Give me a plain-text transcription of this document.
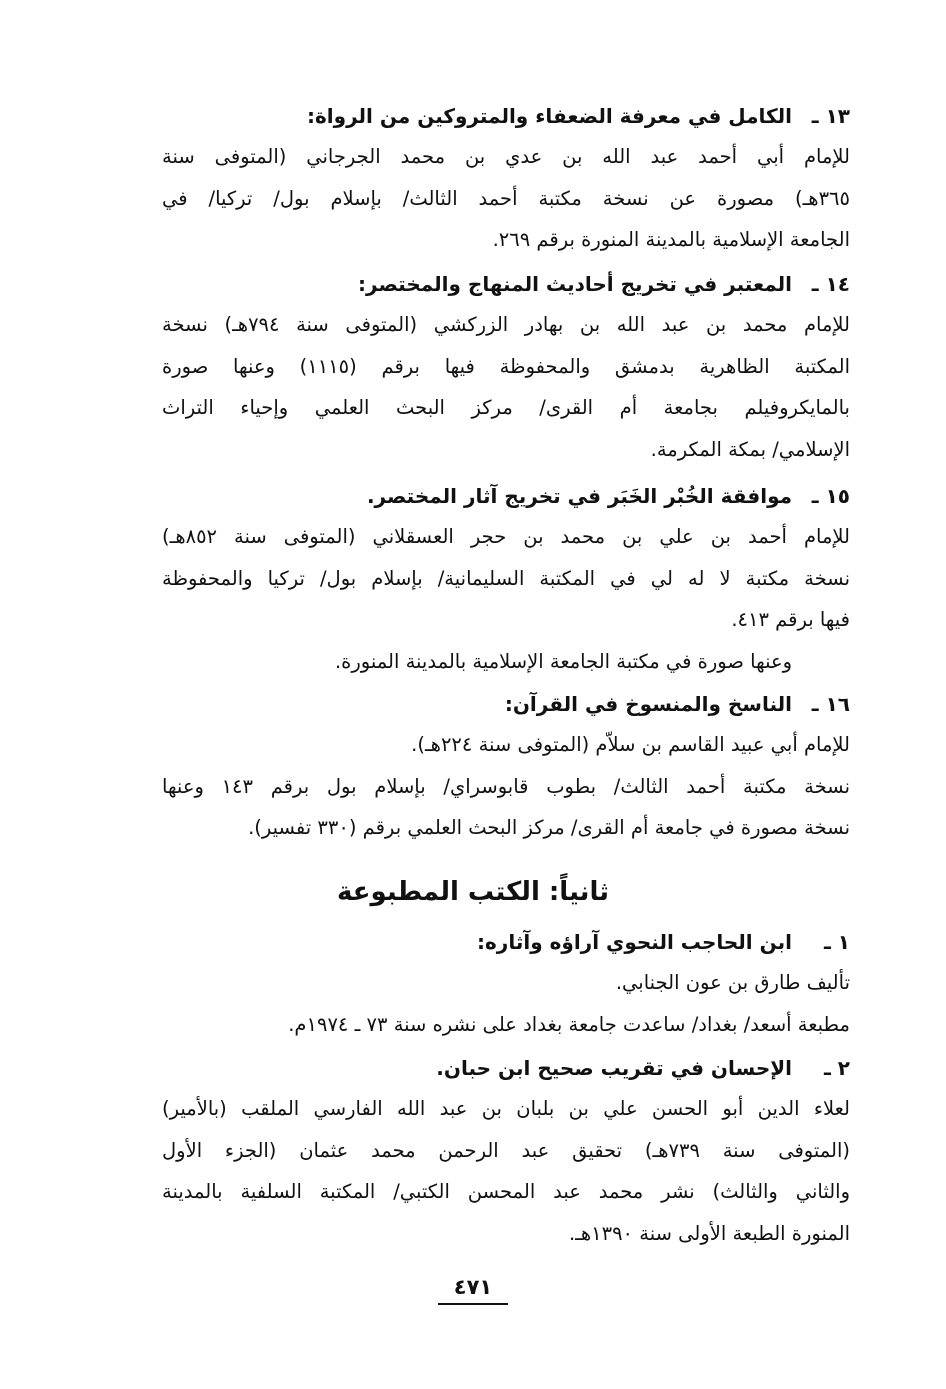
١٣ ـ
الكامل في معرفة الضعفاء والمتروكين من الرواة:
للإمام أبي أحمد عبد الله بن عدي بن محمد الجرجاني (المتوفى سنة
٣٦٥هـ) مصورة عن نسخة مكتبة أحمد الثالث/ بإسلام بول/ تركيا/ في
الجامعة الإسلامية بالمدينة المنورة برقم ٢٦٩.
١٤ ـ
المعتبر في تخريج أحاديث المنهاج والمختصر:
للإمام محمد بن عبد الله بن بهادر الزركشي (المتوفى سنة ٧٩٤هـ) نسخة
المكتبة الظاهرية بدمشق والمحفوظة فيها برقم (١١١٥) وعنها صورة
بالمايكروفيلم بجامعة أم القرى/ مركز البحث العلمي وإحياء التراث
الإسلامي/ بمكة المكرمة.
١٥ ـ
موافقة الخُبْر الخَبَر في تخريج آثار المختصر.
للإمام أحمد بن علي بن محمد بن حجر العسقلاني (المتوفى سنة ٨٥٢هـ)
نسخة مكتبة لا له لي في المكتبة السليمانية/ بإسلام بول/ تركيا والمحفوظة
فيها برقم ٤١٣.
وعنها صورة في مكتبة الجامعة الإسلامية بالمدينة المنورة.
١٦ ـ
الناسخ والمنسوخ في القرآن:
للإمام أبي عبيد القاسم بن سلاّم (المتوفى سنة ٢٢٤هـ).
نسخة مكتبة أحمد الثالث/ بطوب قابوسراي/ بإسلام بول برقم ١٤٣ وعنها
نسخة مصورة في جامعة أم القرى/ مركز البحث العلمي برقم (٣٣٠ تفسير).
ثانياً: الكتب المطبوعة
١ ـ
ابن الحاجب النحوي آراؤه وآثاره:
تأليف طارق بن عون الجنابي.
مطبعة أسعد/ بغداد/ ساعدت جامعة بغداد على نشره سنة ٧٣ ـ ١٩٧٤م.
٢ ـ
الإحسان في تقريب صحيح ابن حبان.
لعلاء الدين أبو الحسن علي بن بلبان بن عبد الله الفارسي الملقب (بالأمير)
(المتوفى سنة ٧٣٩هـ) تحقيق عبد الرحمن محمد عثمان (الجزء الأول
والثاني والثالث) نشر محمد عبد المحسن الكتبي/ المكتبة السلفية بالمدينة
المنورة الطبعة الأولى سنة ١٣٩٠هـ.
٤٧١
